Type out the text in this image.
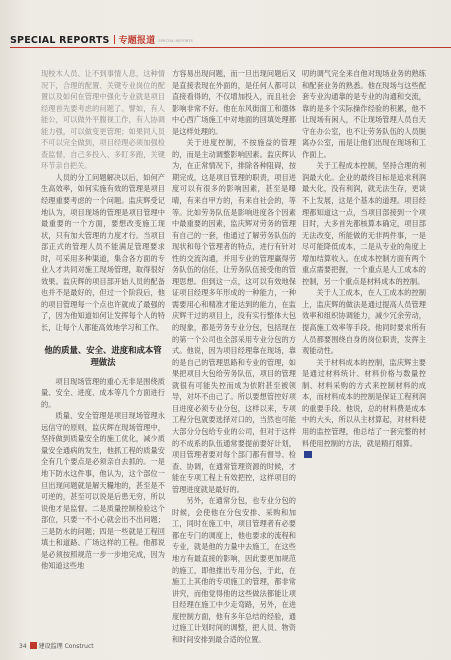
SPECIAL REPORTS 专题报道 SPECIAL REPORTS

现校木人员、让不到事情人息，这种情况下，合理的配置、关键专业岗位的配置以及如何在管理中强化专业就是项目经理首先要考虑的问题了。譬如，有人能公，可以做外平腹视工作，有人协调能力强，可以做变更管理；如果同人员不可以完全做到，项目经理必须加强检查监督，自己多投入、多盯多跑，关键环节亲自把关。

人员的分工问题解决以后，如何产生高效率，如何实施有效的管理是项目经理重要考虑的一个问题。监庆辉受记地认为，项目现场的管理是项目管理中最重要的一个方面，要想改变施工现状，只有加大管理的力度才行。当项目部正式的管理人员不能满足管理要求时，可采用多种渠道，集合各方面的专业人才共同对施工现场管理，取得很好效果。监庆辉的项目部开始人员的配备也并不是最好的，但过一个阶段后，他的项目管理每一个点也许就成了最强的了，因为他知道如何让发挥每个人的特长，让每个人都能高效地学习和工作。

他的质量、安全、进度和成本管理做法

项目现场管理的重心无非是围绕质量、安全、进度、成本等几个方面进行的。

质量、安全管理是项目现场管理永远信守的原则，监庆辉在现场管理中，坚持做到质量安全的施工优化，减少质量安全通病的发生，他抓工程的质量安全有几个要点是必须亲自去抓的。一是地下防水这件事，他认为，这个部位一旦出现问题就是解天糧地的，甚至是不可逆的，甚至可以说是后患无穷，所以说他才是监督。二是质量控制检验这个部位，只要一不小心就会出不出问题；三是防水的问题；四是一些就是工程回填土和道路、广场这样的工程。他都说是必须按照规范一步一步地完成，因为他知道这些地

方容易出现问题，而一旦出现问题后又是直接表现在外面的，是任何人都可以直接看得的，不仅增加投入，而且社会影响非常不好。他在东风街面工和德体中心西广场施工中对地面的回填处理都是这样处理的。

关于进度控制，不按施益的管理的，而是主动调整影响因素。监庆辉认为，在正常情况下，排除各种阻碍，按期完成，这是项目管理的职责，项目进度可以有很多的影响因素，甚至是曝晴，有来自甲方的，有来自社会的，等等。比如劳务队伍是影响进度各个因素中最重要的因素，监庆辉对劳务的管理有自己的一套，他通过了解劳务队伍的现状和每个管理者的特点，进行有针对性的交流沟通，并用专业的管理赢得劳务队伍的信任，让劳务队伍接受他的管理思想。但到这一点，这可以有效地保证项目经理多年形成的一种能力，一种需要用心和精准才能达到的能力，在监庆辉干过的项目上，没有实行整体大包的现象，都是劳务专业分包，包括现在的第一个公司也全部采用专业分包的方式。他说，因为项目经理靠在现场，靠的是自己的管理思路和专业的管理，如果把项目大包给劳务队伍，项目的管理就很有可能失控而成为依附甚至被领导，对坏不由己了。所以要想管控好项目进度必须专业分包，这样以来，专项工程分包就要选择对口的，当然也可能大部分分包给专业的公司，但对于这样的不成系的队伍通常要提前要好计划，项目管理者要对每个部门都有督导、检查、协调，在通常管理资源的时候，才能在专项工程上有效把控，这样项目的管理进度就是最好的。

另外，在通常分包，也专业分包的时候，会使他在分包安排、采购和加工，同时在施工中，项目管理者有必要都在专门的调度上，他也要求的流程和专业，就是他的力量中去施工，在这些地方有最直接的影响，因此要更加规范的施工，即他推出专用分包，于此，在施工上其他的专项施工的管理，都非常讲究，而他觉得他的这些做法都能让项目经理在施工中少走弯路，另外，在进度控制方面，他有多年总结的经验，通过施工计划时间的调整，把人员、物资和时间安排到最合适的位置。

叨的调气完全来自他对现场业务的熟练和配套业务的熟悉。他在现场与这些配套专业沟通靠的是专业的沟通和交流，靠的是多个实际操作经验的积累，他不让现场有闲人，不让现场管理人员自天守在办公室，也不让劳务队伍的人员脱离办公室，而是让他们出现在现场和工作面上。

关于工程成本控制，坚持合理的利润最大化。企业的最终目标是追求利润最大化，没有利润，就无法生存，更谈不上发展，这是个基本的道理。项目经理都知道这一点，当项目部接到一个项目时，大多首先都核算本确定，项目部无法改变，所能做的无非两件事，一是尽可能降低成本，二是从专业的角度上增加结算收入。在成本控制方面有两个重点需要把握，一个重点是人工成本的控制，另一个重点是材料成本的控制。

关于人工成本，在人工成本的控制上，监庆辉的做法是通过提高人员管理效率和组织协调能力，减少冗余劳动，提高施工效率等手段。他同时要求所有人员都要围绕自身的岗位职责，发挥主观能动性。

关于材料成本的控制，监庆辉主要是通过材料统计、材料价格与数量控制、材料采购的方式来控制材料的成本，而材料成本的控制是保证工程利润的重要手段。他说，总的材料费是成本中的大头，所以从主材算起，对材料使用的监控管理，他总结了一套完整的材料使用控制的方法，就是精打细算。

34 建设监理 Construct
